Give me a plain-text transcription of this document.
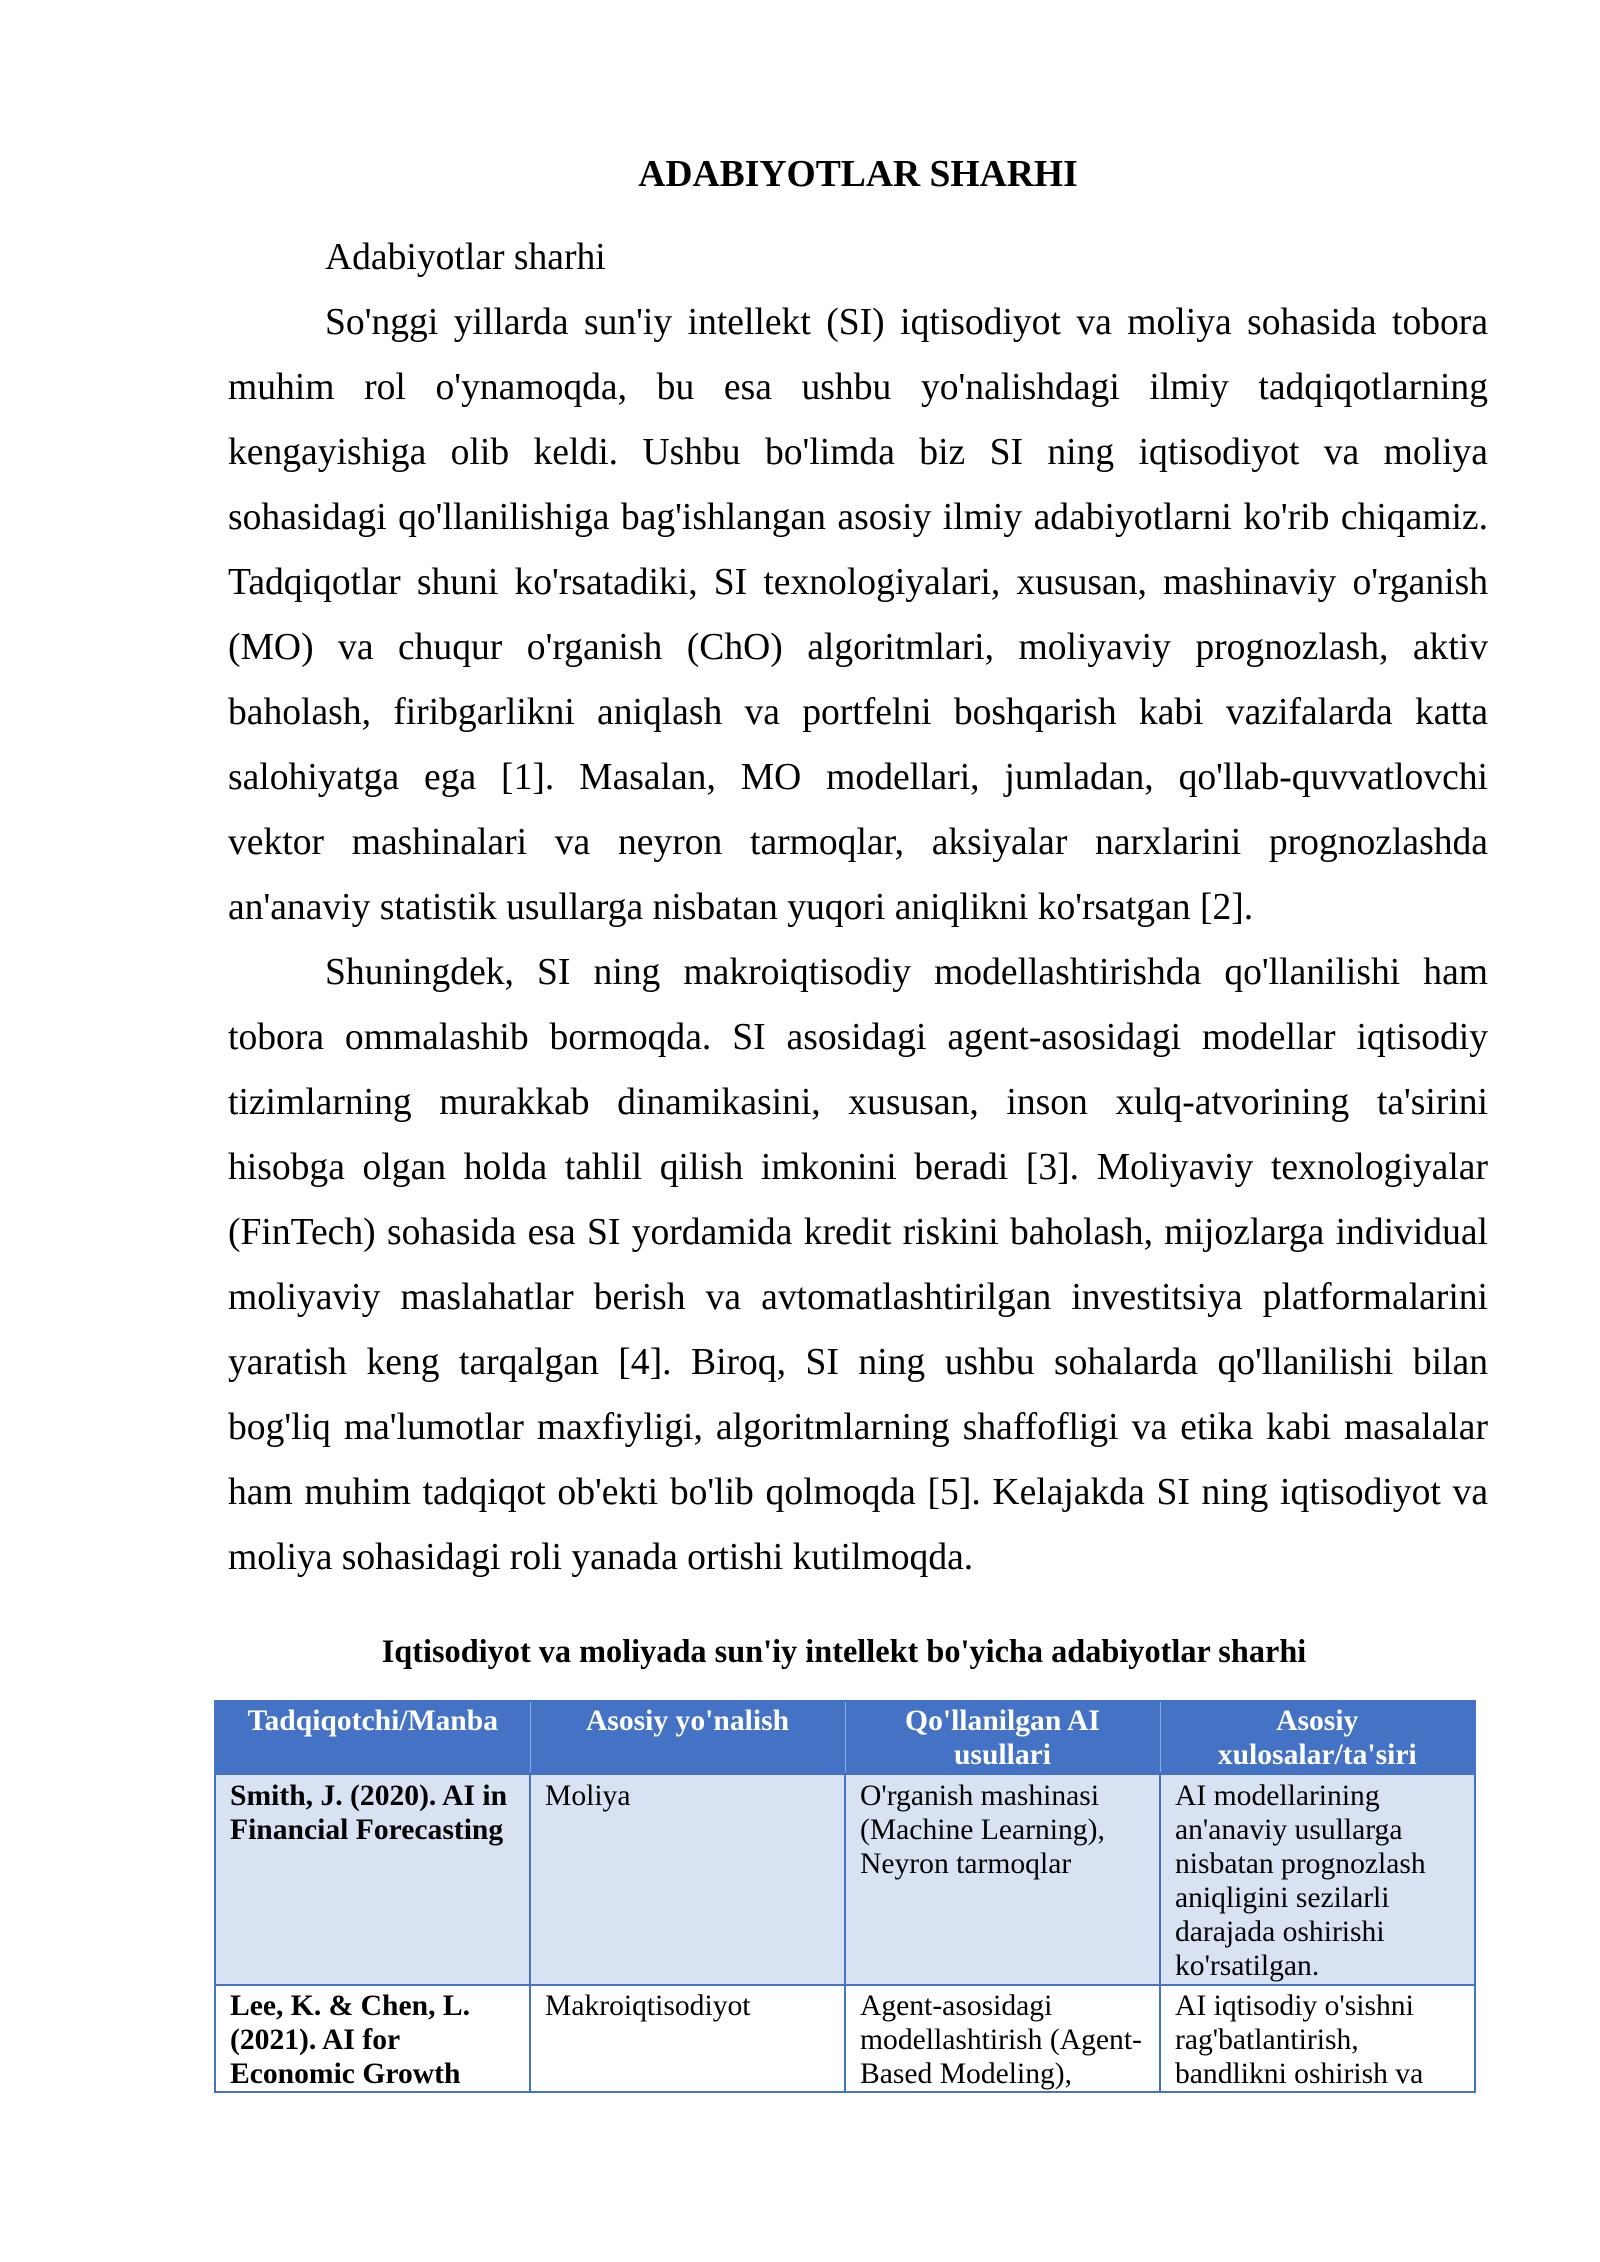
ADABIYOTLAR SHARHI
Adabiyotlar sharhi
So'nggi yillarda sun'iy intellekt (SI) iqtisodiyot va moliya sohasida tobora
muhim rol o'ynamoqda, bu esa ushbu yo'nalishdagi ilmiy tadqiqotlarning
kengayishiga olib keldi. Ushbu bo'limda biz SI ning iqtisodiyot va moliya
sohasidagi qo'llanilishiga bag'ishlangan asosiy ilmiy adabiyotlarni ko'rib chiqamiz.
Tadqiqotlar shuni ko'rsatadiki, SI texnologiyalari, xususan, mashinaviy o'rganish
(MO) va chuqur o'rganish (ChO) algoritmlari, moliyaviy prognozlash, aktiv
baholash, firibgarlikni aniqlash va portfelni boshqarish kabi vazifalarda katta
salohiyatga ega [1]. Masalan, MO modellari, jumladan, qo'llab-quvvatlovchi
vektor mashinalari va neyron tarmoqlar, aksiyalar narxlarini prognozlashda
an'anaviy statistik usullarga nisbatan yuqori aniqlikni ko'rsatgan [2].
Shuningdek, SI ning makroiqtisodiy modellashtirishda qo'llanilishi ham
tobora ommalashib bormoqda. SI asosidagi agent-asosidagi modellar iqtisodiy
tizimlarning murakkab dinamikasini, xususan, inson xulq-atvorining ta'sirini
hisobga olgan holda tahlil qilish imkonini beradi [3]. Moliyaviy texnologiyalar
(FinTech) sohasida esa SI yordamida kredit riskini baholash, mijozlarga individual
moliyaviy maslahatlar berish va avtomatlashtirilgan investitsiya platformalarini
yaratish keng tarqalgan [4]. Biroq, SI ning ushbu sohalarda qo'llanilishi bilan
bog'liq ma'lumotlar maxfiyligi, algoritmlarning shaffofligi va etika kabi masalalar
ham muhim tadqiqot ob'ekti bo'lib qolmoqda [5]. Kelajakda SI ning iqtisodiyot va
moliya sohasidagi roli yanada ortishi kutilmoqda.
Iqtisodiyot va moliyada sun'iy intellekt bo'yicha adabiyotlar sharhi
Tadqiqotchi/Manba	Asosiy yo'nalish	Qo'llanilgan AI usullari	Asosiy xulosalar/ta'siri
Smith, J. (2020). AI in Financial Forecasting	Moliya	O'rganish mashinasi (Machine Learning), Neyron tarmoqlar	AI modellarining an'anaviy usullarga nisbatan prognozlash aniqligini sezilarli darajada oshirishi ko'rsatilgan.
Lee, K. & Chen, L. (2021). AI for Economic Growth	Makroiqtisodiyot	Agent-asosidagi modellashtirish (Agent-Based Modeling),	AI iqtisodiy o'sishni rag'batlantirish, bandlikni oshirish va
